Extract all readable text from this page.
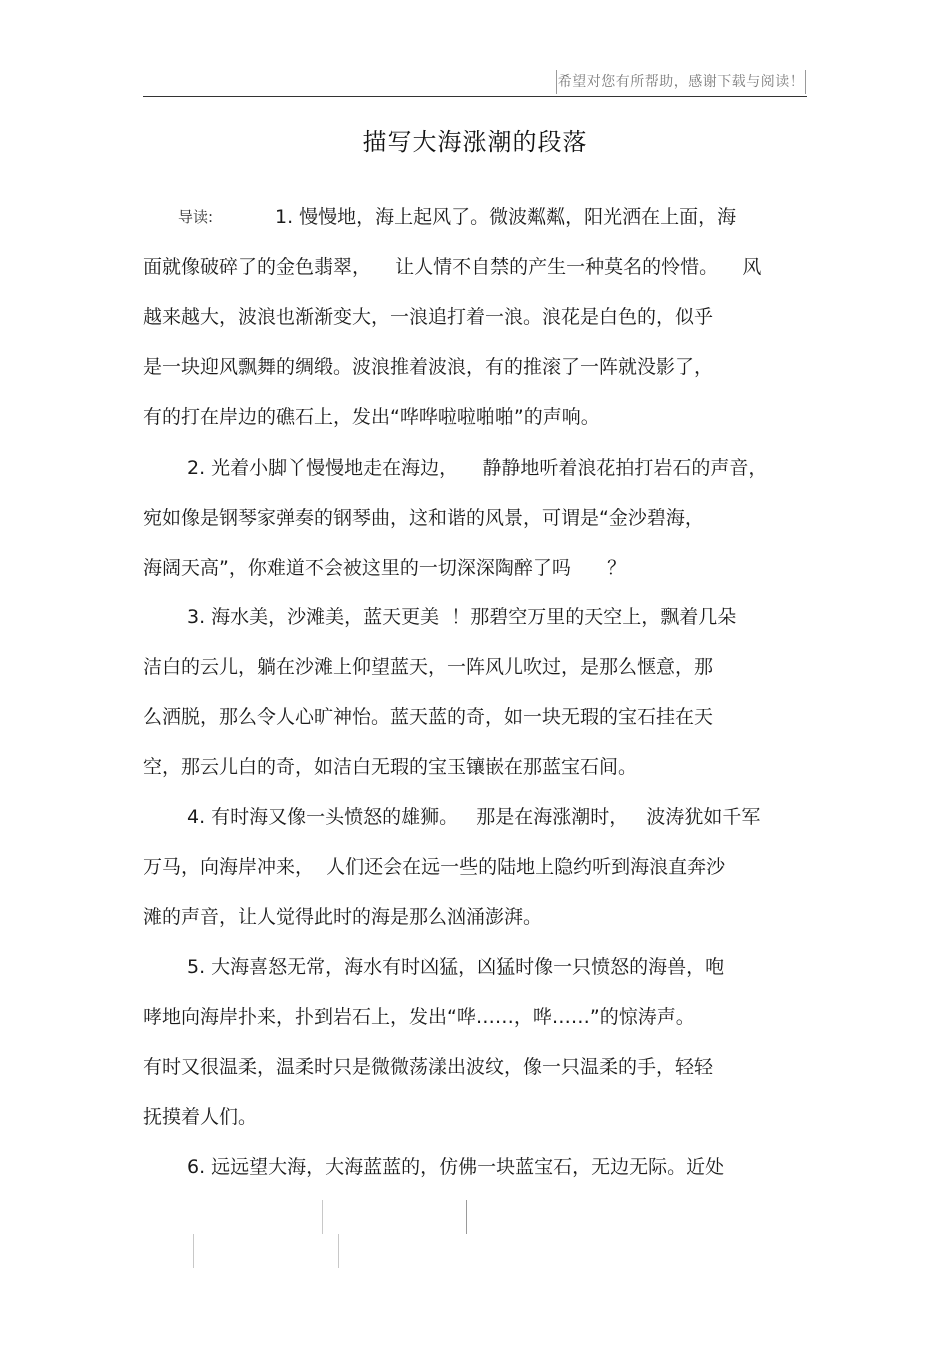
希望对您有所帮助，感谢下载与阅读！
描写大海涨潮的段落

导读:

	1. 慢慢地，海上起风了。微波粼粼，阳光洒在上面，海

面就像破碎了的金色翡翠，    让人情不自禁的产生一种莫名的怜惜。    风
越来越大，波浪也渐渐变大，一浪追打着一浪。浪花是白色的，似乎
是一块迎风飘舞的绸缎。波浪推着波浪，有的推滚了一阵就没影了，
有的打在岸边的礁石上，发出“哗哗啦啦啪啪”的声响。
2. 光着小脚丫慢慢地走在海边，    静静地听着浪花拍打岩石的声音，
宛如像是钢琴家弹奏的钢琴曲，这和谐的风景，可谓是“金沙碧海，
海阔天高”，你难道不会被这里的一切深深陶醉了吗      ？
3. 海水美，沙滩美，蓝天更美  ！那碧空万里的天空上，飘着几朵
洁白的云儿，躺在沙滩上仰望蓝天，一阵风儿吹过，是那么惬意，那
么洒脱，那么令人心旷神怡。蓝天蓝的奇，如一块无瑕的宝石挂在天
空，那云儿白的奇，如洁白无瑕的宝玉镶嵌在那蓝宝石间。
4. 有时海又像一头愤怒的雄狮。   那是在海涨潮时，   波涛犹如千军
万马，向海岸冲来，  人们还会在远一些的陆地上隐约听到海浪直奔沙
滩的声音，让人觉得此时的海是那么汹涌澎湃。
5. 大海喜怒无常，海水有时凶猛，凶猛时像一只愤怒的海兽，咆
哮地向海岸扑来，扑到岩石上，发出“哗……，哗……”的惊涛声。
有时又很温柔，温柔时只是微微荡漾出波纹，像一只温柔的手，轻轻
抚摸着人们。
6. 远远望大海，大海蓝蓝的，仿佛一块蓝宝石，无边无际。近处
